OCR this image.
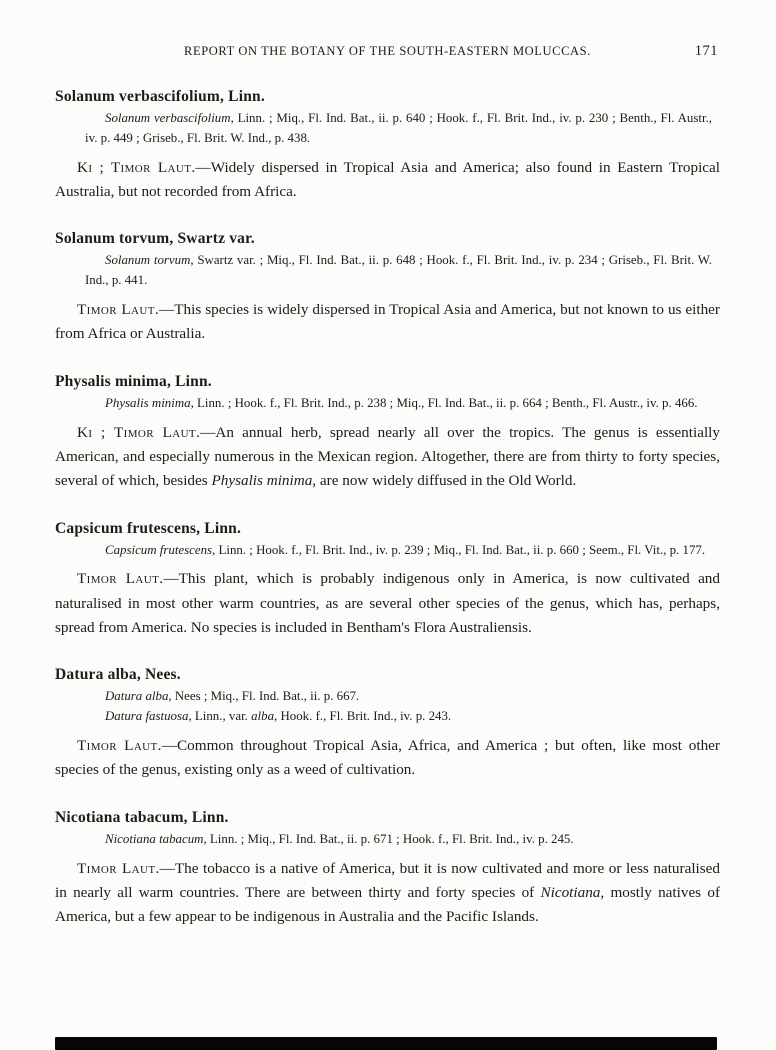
REPORT ON THE BOTANY OF THE SOUTH-EASTERN MOLUCCAS.	171
Solanum verbascifolium, Linn.

Solanum verbascifolium, Linn. ; Miq., Fl. Ind. Bat., ii. p. 640 ; Hook. f., Fl. Brit. Ind., iv. p. 230 ; Benth., Fl. Austr., iv. p. 449 ; Griseb., Fl. Brit. W. Ind., p. 438.

Ki ; Timor Laut.—Widely dispersed in Tropical Asia and America; also found in Eastern Tropical Australia, but not recorded from Africa.

Solanum torvum, Swartz var.

Solanum torvum, Swartz var. ; Miq., Fl. Ind. Bat., ii. p. 648 ; Hook. f., Fl. Brit. Ind., iv. p. 234 ; Griseb., Fl. Brit. W. Ind., p. 441.

Timor Laut.—This species is widely dispersed in Tropical Asia and America, but not known to us either from Africa or Australia.

Physalis minima, Linn.

Physalis minima, Linn. ; Hook. f., Fl. Brit. Ind., p. 238 ; Miq., Fl. Ind. Bat., ii. p. 664 ; Benth., Fl. Austr., iv. p. 466.

Ki ; Timor Laut.—An annual herb, spread nearly all over the tropics. The genus is essentially American, and especially numerous in the Mexican region. Altogether, there are from thirty to forty species, several of which, besides Physalis minima, are now widely diffused in the Old World.

Capsicum frutescens, Linn.

Capsicum frutescens, Linn. ; Hook. f., Fl. Brit. Ind., iv. p. 239 ; Miq., Fl. Ind. Bat., ii. p. 660 ; Seem., Fl. Vit., p. 177.

Timor Laut.—This plant, which is probably indigenous only in America, is now cultivated and naturalised in most other warm countries, as are several other species of the genus, which has, perhaps, spread from America. No species is included in Bentham's Flora Australiensis.

Datura alba, Nees.

Datura alba, Nees ; Miq., Fl. Ind. Bat., ii. p. 667.

Datura fastuosa, Linn., var. alba, Hook. f., Fl. Brit. Ind., iv. p. 243.

Timor Laut.—Common throughout Tropical Asia, Africa, and America ; but often, like most other species of the genus, existing only as a weed of cultivation.

Nicotiana tabacum, Linn.

Nicotiana tabacum, Linn. ; Miq., Fl. Ind. Bat., ii. p. 671 ; Hook. f., Fl. Brit. Ind., iv. p. 245.

Timor Laut.—The tobacco is a native of America, but it is now cultivated and more or less naturalised in nearly all warm countries. There are between thirty and forty species of Nicotiana, mostly natives of America, but a few appear to be indigenous in Australia and the Pacific Islands.
